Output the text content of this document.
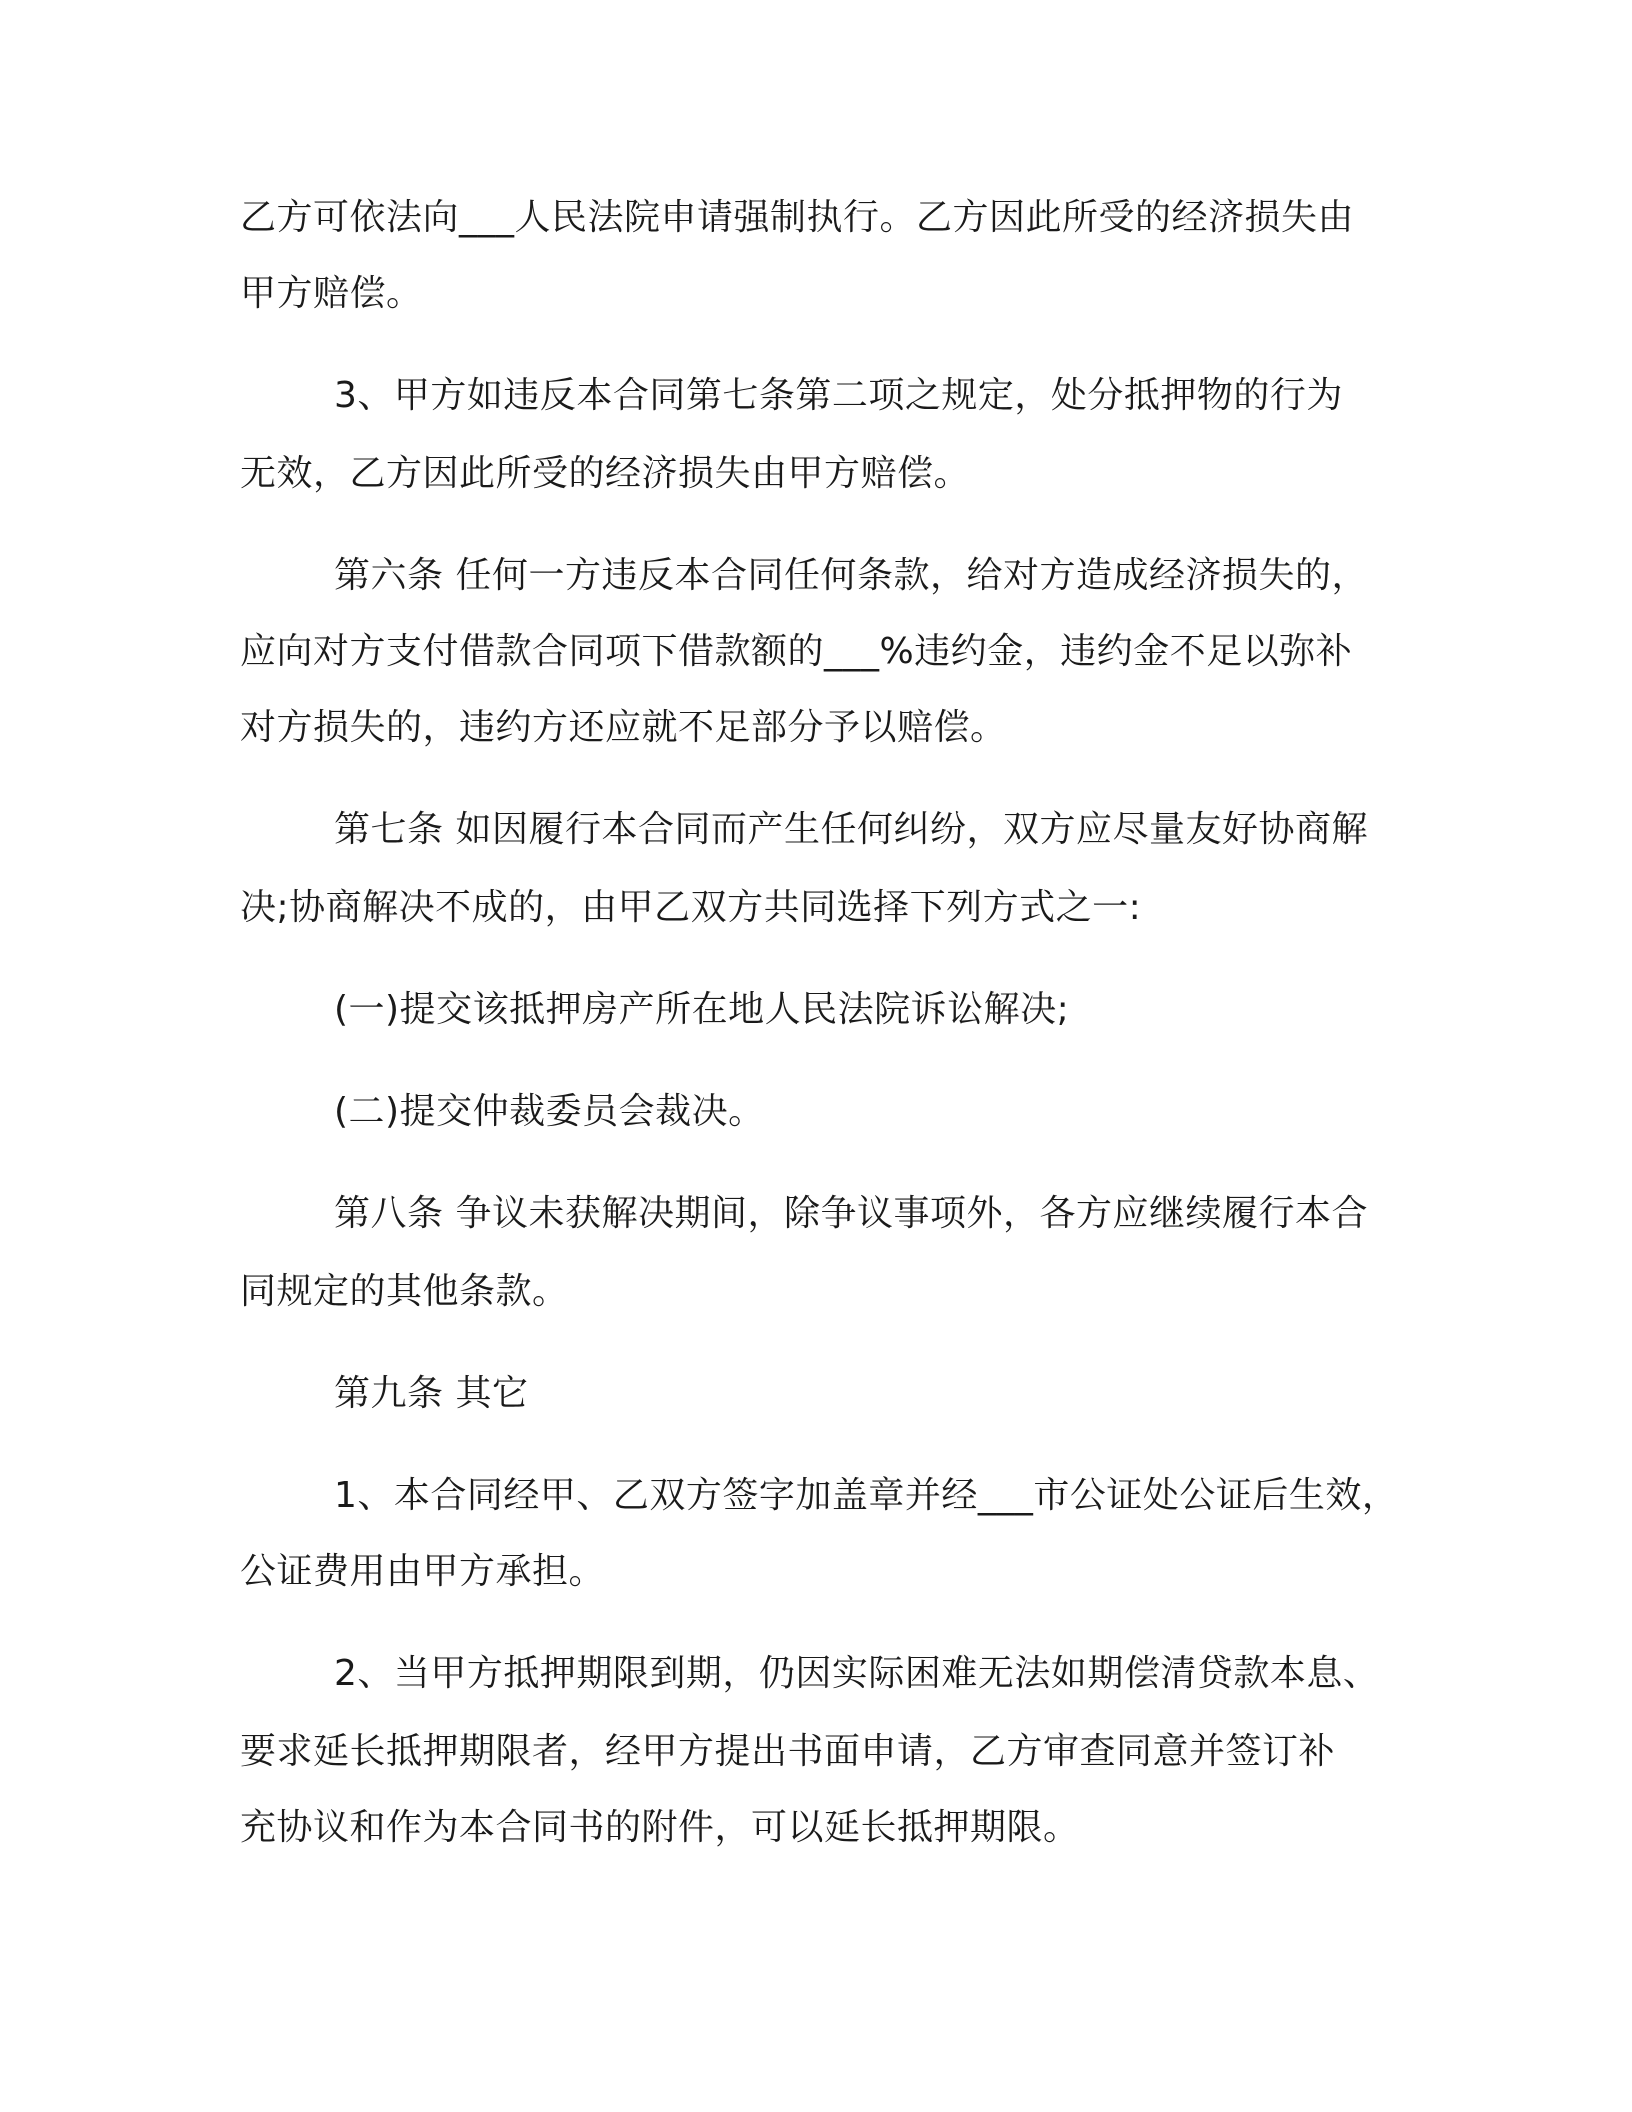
乙方可依法向___人民法院申请强制执行。乙方因此所受的经济损失由
甲方赔偿。
3、甲方如违反本合同第七条第二项之规定，处分抵押物的行为
无效，乙方因此所受的经济损失由甲方赔偿。
第六条 任何一方违反本合同任何条款，给对方造成经济损失的，
应向对方支付借款合同项下借款额的___%违约金，违约金不足以弥补
对方损失的，违约方还应就不足部分予以赔偿。
第七条 如因履行本合同而产生任何纠纷，双方应尽量友好协商解
决;协商解决不成的，由甲乙双方共同选择下列方式之一:
(一)提交该抵押房产所在地人民法院诉讼解决;
(二)提交仲裁委员会裁决。
第八条 争议未获解决期间，除争议事项外，各方应继续履行本合
同规定的其他条款。
第九条 其它
1、本合同经甲、乙双方签字加盖章并经___市公证处公证后生效，
公证费用由甲方承担。
2、当甲方抵押期限到期，仍因实际困难无法如期偿清贷款本息、
要求延长抵押期限者，经甲方提出书面申请，乙方审查同意并签订补
充协议和作为本合同书的附件，可以延长抵押期限。
